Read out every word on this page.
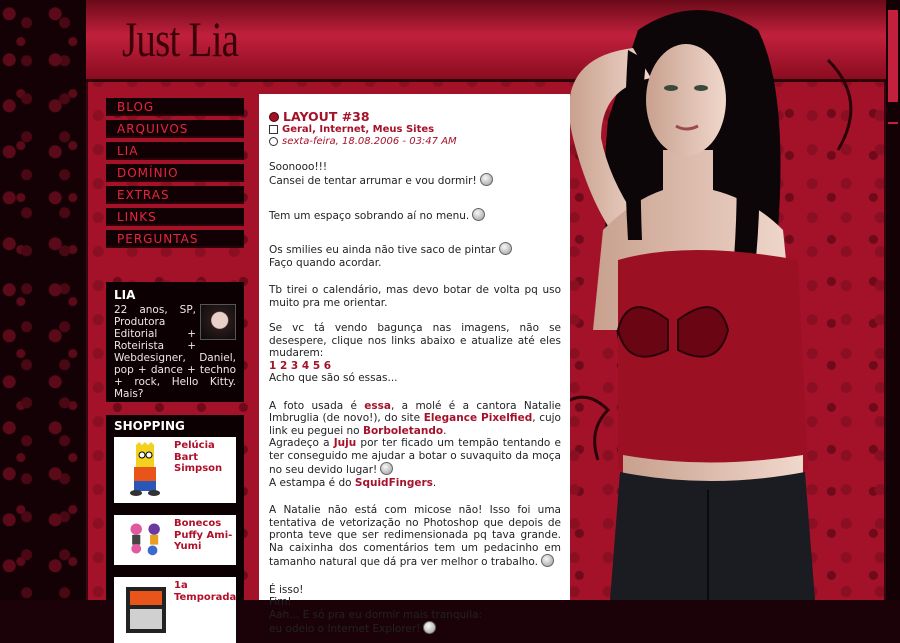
Just Lia
BLOG
ARQUIVOS
LIA
DOMÍNIO
EXTRAS
LINKS
PERGUNTAS
LIA
22 anos, SP, Produtora Editorial + Roteirista + Webdesigner, Daniel, pop + dance + techno + rock, Hello Kitty. Mais?
SHOPPING
Pelúcia Bart Simpson
Bonecos Puffy Ami-Yumi
1a Temporada
LAYOUT #38
Geral, Internet, Meus Sites
sexta-feira, 18.08.2006 - 03:47 AM

Soonooo!!!
Cansei de tentar arrumar e vou dormir!

Tem um espaço sobrando aí no menu.

Os smilies eu ainda não tive saco de pintar
Faço quando acordar.

Tb tirei o calendário, mas devo botar de volta pq uso muito pra me orientar.

Se vc tá vendo bagunça nas imagens, não se desespere, clique nos links abaixo e atualize até eles mudarem:
1 2 3 4 5 6
Acho que são só essas...

A foto usada é essa, a molé é a cantora Natalie Imbruglia (de novo!), do site Elegance Pixelfied, cujo link eu peguei no Borboletando.
Agradeço a Juju por ter ficado um tempão tentando e ter conseguido me ajudar a botar o suvaquito da moça no seu devido lugar!
A estampa é do SquidFingers.

A Natalie não está com micose não! Isso foi uma tentativa de vetorização no Photoshop que depois de pronta teve que ser redimensionada pq tava grande. Na caixinha dos comentários tem um pedacinho em tamanho natural que dá pra ver melhor o trabalho.

É isso!
Fim!
Aah... E só pra eu dormir mais tranquila:
eu odeio o Internet Explorer!
